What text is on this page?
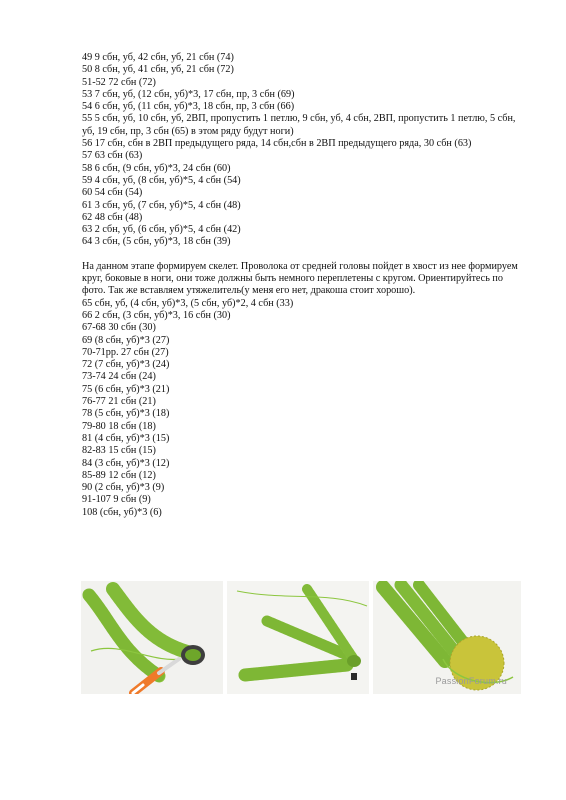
49 9 сбн, уб, 42 сбн, уб, 21 сбн (74)
50 8 сбн, уб, 41 сбн, уб, 21 сбн (72)
51-52 72 сбн (72)
53 7 сбн, уб, (12 сбн, уб)*3, 17 сбн, пр, 3 сбн (69)
54 6 сбн, уб, (11 сбн, уб)*3, 18 сбн, пр, 3 сбн (66)
55 5 сбн, уб, 10 сбн, уб, 2ВП, пропустить 1 петлю, 9 сбн, уб, 4 сбн, 2ВП, пропустить 1 петлю, 5 сбн, уб, 19 сбн, пр, 3 сбн (65) в этом ряду будут ноги)
56 17 сбн, сбн в 2ВП предыдущего ряда, 14 сбн,сбн в 2ВП предыдущего ряда, 30 сбн (63)
57 63 сбн (63)
58 6 сбн, (9 сбн, уб)*3, 24 сбн (60)
59 4 сбн, уб, (8 сбн, уб)*5, 4 сбн (54)
60 54 сбн (54)
61 3 сбн, уб, (7 сбн, уб)*5, 4 сбн (48)
62 48 сбн (48)
63 2 сбн, уб, (6 сбн, уб)*5, 4 сбн (42)
64 3 сбн, (5 сбн, уб)*3, 18 сбн (39)
На данном этапе формируем скелет. Проволока от средней головы пойдет в хвост из нее формируем круг, боковые в ноги, они тоже должны быть немного переплетены с кругом. Ориентируйтесь по фото. Так же вставляем утяжелитель(у меня его нет, дракоша стоит хорошо).
65 сбн, уб, (4 сбн, уб)*3, (5 сбн, уб)*2, 4 сбн (33)
66 2 сбн, (3 сбн, уб)*3, 16 сбн (30)
67-68 30 сбн (30)
69 (8 сбн, уб)*3 (27)
70-71рр. 27 сбн (27)
72 (7 сбн, уб)*3 (24)
73-74 24 сбн (24)
75 (6 сбн, уб)*3 (21)
76-77 21 сбн (21)
78 (5 сбн, уб)*3 (18)
79-80 18 сбн (18)
81 (4 сбн, уб)*3 (15)
82-83 15 сбн (15)
84 (3 сбн, уб)*3 (12)
85-89 12 сбн (12)
90 (2 сбн, уб)*3 (9)
91-107 9 сбн (9)
108 (сбн, уб)*3 (6)
PassionForum.ru
